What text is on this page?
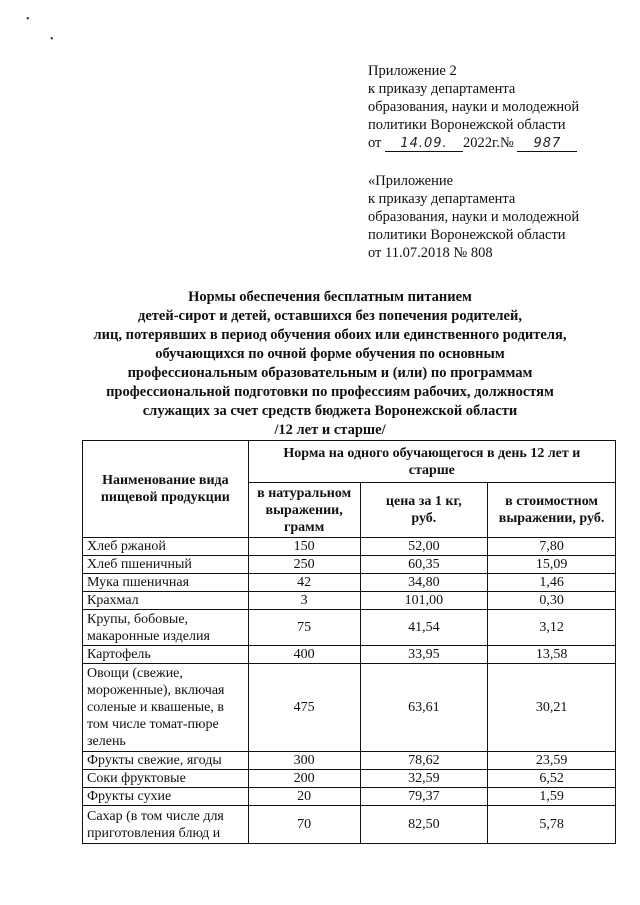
•
•
Приложение 2
к приказу департамента
образования, науки и молодежной
политики Воронежской области
от 14.09. 2022г.№ 987
«Приложение
к приказу департамента
образования, науки и молодежной
политики Воронежской области
от 11.07.2018 № 808
Нормы обеспечения бесплатным питанием
детей-сирот и детей, оставшихся без попечения родителей,
лиц, потерявших в период обучения обоих или единственного родителя,
обучающихся по очной форме обучения по основным
профессиональным образовательным и (или) по программам
профессиональной подготовки по профессиям рабочих, должностям
служащих за счет средств бюджета Воронежской области
/12 лет и старше/
Наименование вида пищевой продукции	Норма на одного обучающегося в день 12 лет и старше		
	в натуральном выражении, грамм	цена за 1 кг, руб.	в стоимостном выражении, руб.
Хлеб ржаной	150	52,00	7,80
Хлеб пшеничный	250	60,35	15,09
Мука пшеничная	42	34,80	1,46
Крахмал	3	101,00	0,30
Крупы, бобовые, макаронные изделия	75	41,54	3,12
Картофель	400	33,95	13,58
Овощи (свежие, мороженные), включая соленые и квашеные, в том числе томат-пюре зелень	475	63,61	30,21
Фрукты свежие, ягоды	300	78,62	23,59
Соки фруктовые	200	32,59	6,52
Фрукты сухие	20	79,37	1,59
Сахар (в том числе для приготовления блюд и	70	82,50	5,78
